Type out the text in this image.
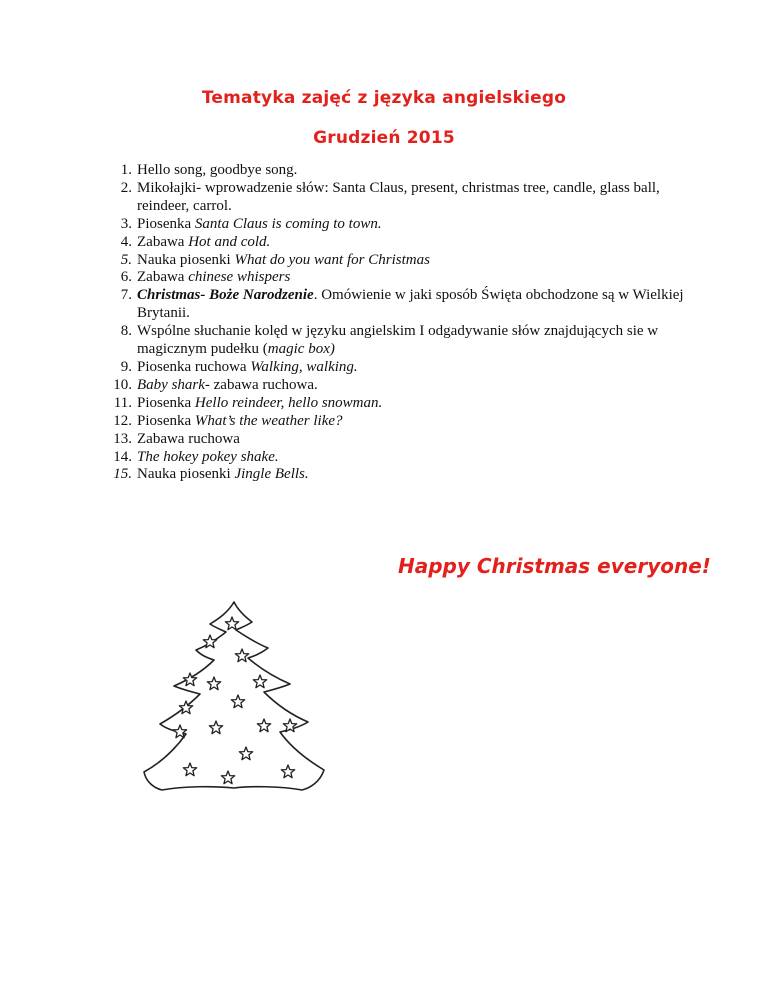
Tematyka zajęć z języka angielskiego
Grudzień 2015
1. Hello song, goodbye song.
2. Mikołajki- wprowadzenie słów: Santa Claus, present, christmas tree, candle, glass ball, reindeer, carrol.
3. Piosenka Santa Claus is coming to town.
4. Zabawa Hot and cold.
5. Nauka piosenki What do you want for Christmas
6. Zabawa chinese whispers
7. Christmas- Boże Narodzenie. Omówienie w jaki sposób Święta obchodzone są w Wielkiej Brytanii.
8. Wspólne słuchanie kolęd w języku angielskim I odgadywanie słów znajdujących sie w magicznym pudełku (magic box)
9. Piosenka ruchowa Walking, walking.
10. Baby shark- zabawa ruchowa.
11. Piosenka Hello reindeer, hello snowman.
12. Piosenka What’s the weather like?
13. Zabawa ruchowa
14. The hokey pokey shake.
15. Nauka piosenki Jingle Bells.
Happy Christmas everyone!
